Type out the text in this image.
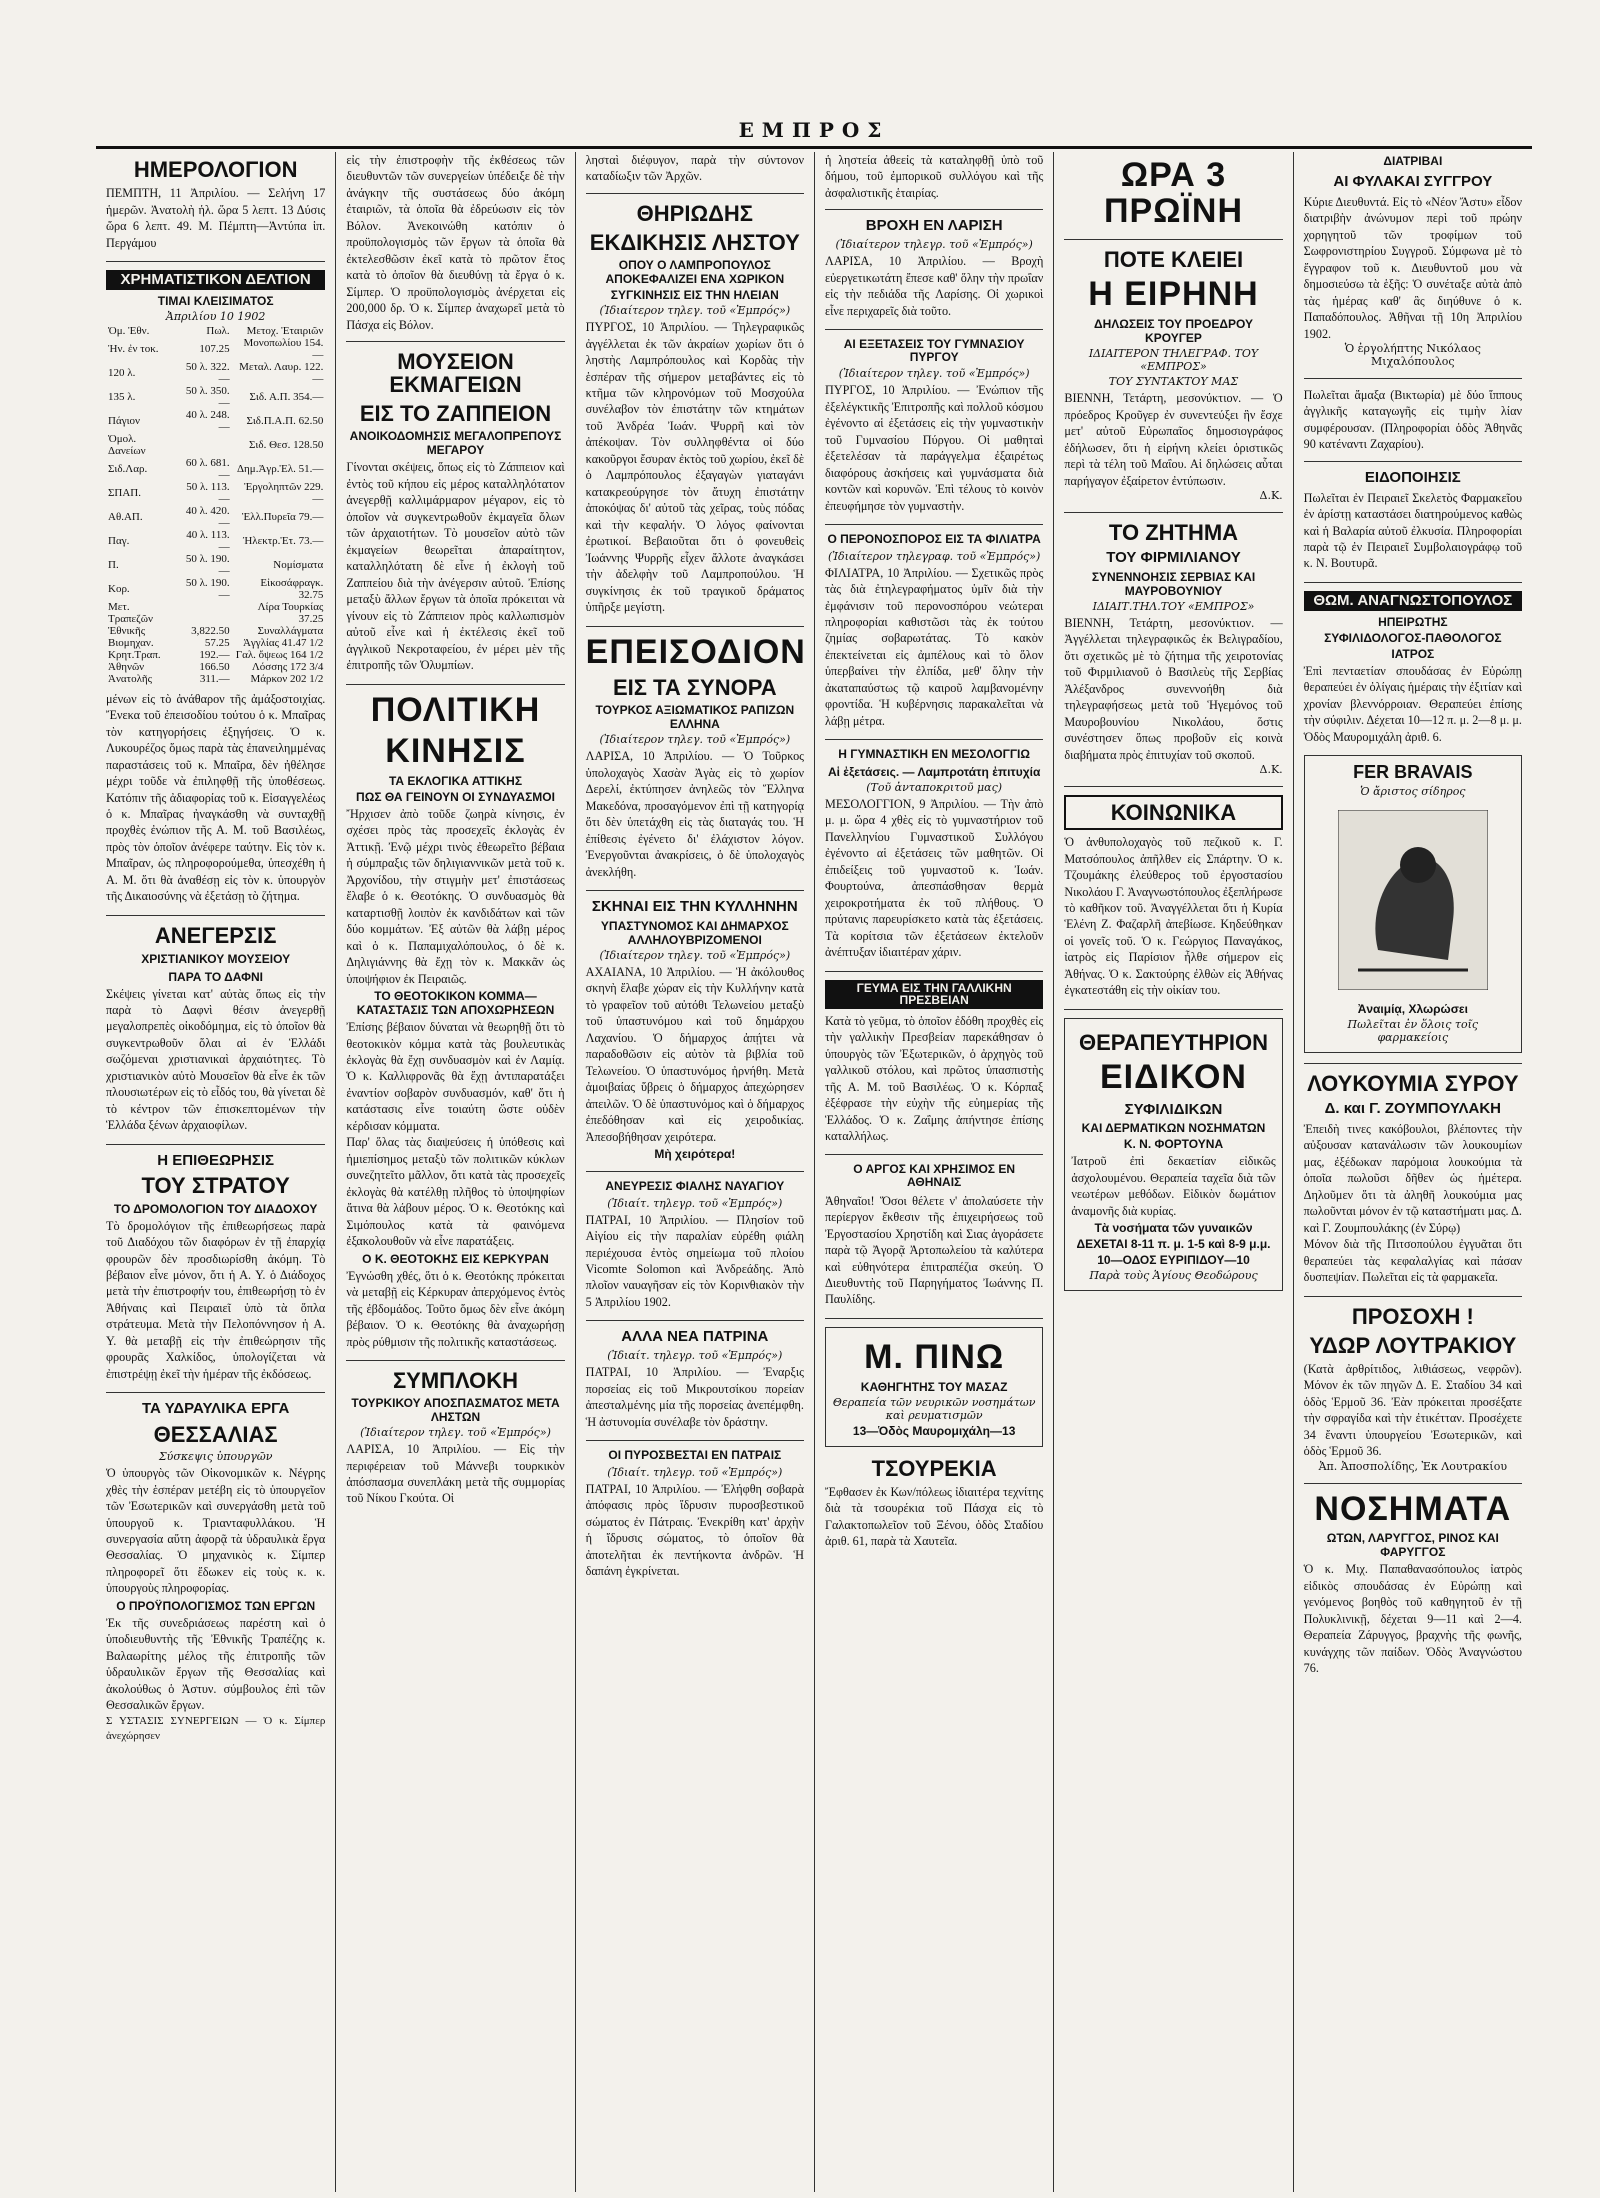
ΕΜΠΡΟΣ
ΗΜΕΡΟΛΟΓΙΟΝ

ΠΕΜΠΤΗ, 11 Ἀπριλίου. — Σελήνη 17 ἡμερῶν. Ἀνατολὴ ἡλ. ὥρα 5 λεπτ. 13 Δύσις ὥρα 6 λεπτ. 49. Μ. Πέμπτη—Ἀντύπα ἱπ. Περγάμου

ΧΡΗΜΑΤΙΣΤΙΚΟΝ ΔΕΛΤΙΟΝ
ΤΙΜΑΙ ΚΛΕΙΣΙΜΑΤΟΣ
Ἀπριλίου 10 1902
Ὀμ. Ἐθν.	Πωλ.	Μετοχ. Ἐταιριῶν
Ἠν. ἐν τοκ.	107.25	Μονοπωλίου 154.—
120 λ.	50 λ. 322.—	Μεταλ. Λαυρ. 122.—
135 λ.	50 λ. 350.—	Σιδ. Α.Π. 354.—
Πάγιον	40 λ. 248.—	Σιδ.Π.Α.Π. 62.50
Ὀμολ. Δανείων		Σιδ. Θεσ. 128.50
Σιδ.Λαρ.	60 λ. 681.—	Δημ.Ἀγρ.Ἑλ. 51.—
ΣΠΑΠ.	50 λ. 113.—	Ἐργοληπτῶν 229.—
Αθ.ΑΠ.	40 λ. 420.—	Ἑλλ.Πυρεῖα 79.—
Παγ.	40 λ. 113.—	Ἠλεκτρ.Ἐτ. 73.—
Π.	50 λ. 190.—	Νομίσματα
Κορ.	50 λ. 190.—	Εἰκοσάφραγκ. 32.75
Μετ. Τραπεζῶν		Λίρα Τουρκίας 37.25
Ἐθνικῆς	3,822.50	Συναλλάγματα
Βιομηχαν.	57.25	Ἀγγλίας 41.47 1/2
Κρητ.Τραπ.	192.—	Γαλ. ὄψεως 164 1/2
Ἀθηνῶν	166.50	Λόσσης 172 3/4
Ἀνατολῆς	311.—	Μάρκον 202 1/2

μένων εἰς τὸ ἀνάθαρον τῆς ἀμάξοστοιχίας. Ἔνεκα τοῦ ἐπεισοδίου τούτου ὁ κ. Μπαῖρας τὸν κατηγορήσεις ἐξηγήσεις. Ὁ κ. Λυκουρέζος ὅμως παρὰ τὰς ἐπανειλημμένας παραστάσεις τοῦ κ. Μπαῖρα, δὲν ἠθέλησε μέχρι τοῦδε νὰ ἐπιληφθῇ τῆς ὑποθέσεως. Κατόπιν τῆς ἀδιαφορίας τοῦ κ. Εἰσαγγελέως ὁ κ. Μπαῖρας ἠναγκάσθη νὰ συνταχθῇ προχθὲς ἐνώπιον τῆς Α. Μ. τοῦ Βασιλέως, πρὸς τὸν ὁποῖον ἀνέφερε ταύτην. Εἰς τὸν κ. Μπαῖραν, ὡς πληροφορούμεθα, ὑπεσχέθη ἡ Α. Μ. ὅτι θὰ ἀναθέσῃ εἰς τὸν κ. ὑπουργὸν τῆς Δικαιοσύνης νὰ ἐξετάσῃ τὸ ζήτημα.

ΑΝΕΓΕΡΣΙΣ
ΧΡΙΣΤΙΑΝΙΚΟΥ ΜΟΥΣΕΙΟΥ
ΠΑΡΑ ΤΟ ΔΑΦΝΙ

Σκέψεις γίνεται κατ' αὐτὰς ὅπως εἰς τὴν παρὰ τὸ Δαφνὶ θέσιν ἀνεγερθῇ μεγαλοπρεπὲς οἰκοδόμημα, εἰς τὸ ὁποῖον θὰ συγκεντρωθοῦν ὅλαι αἱ ἐν Ἑλλάδι σωζόμεναι χριστιανικαὶ ἀρχαιότητες. Τὸ χριστιανικὸν αὐτὸ Μουσεῖον θὰ εἶνε ἐκ τῶν πλουσιωτέρων εἰς τὸ εἶδός του, θὰ γίνεται δὲ τὸ κέντρον τῶν ἐπισκεπτομένων τὴν Ἑλλάδα ξένων ἀρχαιοφίλων.

Η ΕΠΙΘΕΩΡΗΣΙΣ
ΤΟΥ ΣΤΡΑΤΟΥ
ΤΟ ΔΡΟΜΟΛΟΓΙΟΝ ΤΟΥ ΔΙΑΔΟΧΟΥ

Τὸ δρομολόγιον τῆς ἐπιθεωρήσεως παρὰ τοῦ Διαδόχου τῶν διαφόρων ἐν τῇ ἐπαρχίᾳ φρουρῶν δὲν προσδιωρίσθη ἀκόμη. Τὸ βέβαιον εἶνε μόνον, ὅτι ἡ Α. Υ. ὁ Διάδοχος μετὰ τὴν ἐπιστροφήν του, ἐπιθεωρήσῃ τὸ ἐν Ἀθήναις καὶ Πειραιεῖ ὑπὸ τὰ ὅπλα στράτευμα. Μετὰ τὴν Πελοπόννησον ἡ Α. Υ. θὰ μεταβῇ εἰς τὴν ἐπιθεώρησιν τῆς φρουρᾶς Χαλκίδος, ὑπολογίζεται νὰ ἐπιστρέψῃ ἐκεῖ τὴν ἡμέραν τῆς ἐκδόσεως.

ΤΑ ΥΔΡΑΥΛΙΚΑ ΕΡΓΑ
ΘΕΣΣΑΛΙΑΣ
Σύσκεψις ὑπουργῶν

Ὁ ὑπουργὸς τῶν Οἰκονομικῶν κ. Νέγρης χθὲς τὴν ἑσπέραν μετέβη εἰς τὸ ὑπουργεῖον τῶν Ἐσωτερικῶν καὶ συνεργάσθη μετὰ τοῦ ὑπουργοῦ κ. Τριανταφυλλάκου. Ἡ συνεργασία αὕτη ἀφορᾷ τὰ ὑδραυλικὰ ἔργα Θεσσαλίας. Ὁ μηχανικὸς κ. Σίμπερ πληροφορεῖ ὅτι ἔδωκεν εἰς τοὺς κ. κ. ὑπουργοὺς πληροφορίας.

Ο ΠΡΟΫΠΟΛΟΓΙΣΜΟΣ ΤΩΝ ΕΡΓΩΝ

Ἐκ τῆς συνεδριάσεως παρέστη καὶ ὁ ὑποδιευθυντὴς τῆς Ἐθνικῆς Τραπέζης κ. Βαλαωρίτης μέλος τῆς ἐπιτροπῆς τῶν ὑδραυλικῶν ἔργων τῆς Θεσσαλίας καὶ ἀκολούθως ὁ Ἀστυν. σύμβουλος ἐπὶ τῶν Θεσσαλικῶν ἔργων.

Σ ΥΣΤΑΣΙΣ ΣΥΝΕΡΓΕΙΩΝ — Ὁ κ. Σίμπερ ἀνεχώρησεν

εἰς τὴν ἐπιστροφὴν τῆς ἐκθέσεως τῶν διευθυντῶν τῶν συνεργείων ὑπέδειξε δὲ τὴν ἀνάγκην τῆς συστάσεως δύο ἀκόμη ἐταιριῶν, τὰ ὁποῖα θὰ ἐδρεύωσιν εἰς τὸν Βόλον. Ἀνεκοινώθη κατόπιν ὁ προϋπολογισμὸς τῶν ἔργων τὰ ὁποῖα θὰ ἐκτελεσθῶσιν ἐκεῖ κατὰ τὸ πρῶτον ἔτος κατὰ τὸ ὁποῖον θὰ διευθύνῃ τὰ ἔργα ὁ κ. Σίμπερ. Ὁ προϋπολογισμὸς ἀνέρχεται εἰς 200,000 δρ. Ὁ κ. Σίμπερ ἀναχωρεῖ μετὰ τὸ Πάσχα εἰς Βόλον.

ΜΟΥΣΕΙΟΝ ΕΚΜΑΓΕΙΩΝ
ΕΙΣ ΤΟ ΖΑΠΠΕΙΟΝ
ΑΝΟΙΚΟΔΟΜΗΣΙΣ ΜΕΓΑΛΟΠΡΕΠΟΥΣ ΜΕΓΑΡΟΥ

Γίνονται σκέψεις, ὅπως εἰς τὸ Ζάππειον καὶ ἐντὸς τοῦ κήπου εἰς μέρος καταλληλότατον ἀνεγερθῇ καλλιμάρμαρον μέγαρον, εἰς τὸ ὁποῖον νὰ συγκεντρωθοῦν ἐκμαγεῖα ὅλων τῶν ἀρχαιοτήτων. Τὸ μουσεῖον αὐτὸ τῶν ἐκμαγείων θεωρεῖται ἀπαραίτητον, καταλληλότατη δὲ εἶνε ἡ ἐκλογὴ τοῦ Ζαππείου διὰ τὴν ἀνέγερσιν αὐτοῦ. Ἐπίσης μεταξὺ ἄλλων ἔργων τὰ ὁποῖα πρόκειται νὰ γίνουν εἰς τὸ Ζάππειον πρὸς καλλωπισμὸν αὐτοῦ εἶνε καὶ ἡ ἐκτέλεσις ἐκεῖ τοῦ ἀγγλικοῦ Νεκροταφείου, ἐν μέρει μὲν τῆς ἐπιτροπῆς τῶν Ὀλυμπίων.

ΠΟΛΙΤΙΚΗ
ΚΙΝΗΣΙΣ
ΤΑ ΕΚΛΟΓΙΚΑ ΑΤΤΙΚΗΣ
ΠΩΣ ΘΑ ΓΕΙΝΟΥΝ ΟΙ ΣΥΝΔΥΑΣΜΟΙ

Ἤρχισεν ἀπὸ τοῦδε ζωηρὰ κίνησις, ἐν σχέσει πρὸς τὰς προσεχεῖς ἐκλογὰς ἐν Ἀττικῇ. Ἐνῷ μέχρι τινὸς ἐθεωρεῖτο βέβαια ἡ σύμπραξις τῶν δηλιγιαννικῶν μετὰ τοῦ κ. Ἀρχονίδου, τὴν στιγμὴν μετ' ἐπιστάσεως ἔλαβε ὁ κ. Θεοτόκης. Ὁ συνδυασμὸς θὰ καταρτισθῇ λοιπὸν ἐκ κανδιδάτων καὶ τῶν δύο κομμάτων. Ἐξ αὐτῶν θὰ λάβῃ μέρος καὶ ὁ κ. Παπαμιχαλόπουλος, ὁ δὲ κ. Δηλιγιάννης θὰ ἔχῃ τὸν κ. Μακκᾶν ὡς ὑποψήφιον ἐκ Πειραιῶς.

ΤΟ ΘΕΟΤΟΚΙΚΟΝ ΚΟΜΜΑ—ΚΑΤΑΣΤΑΣΙΣ ΤΩΝ ΑΠΟΧΩΡΗΣΕΩΝ

Ἐπίσης βέβαιον δύναται νὰ θεωρηθῇ ὅτι τὸ θεοτοκικὸν κόμμα κατὰ τὰς βουλευτικὰς ἐκλογὰς θὰ ἔχῃ συνδυασμὸν καὶ ἐν Λαμίᾳ. Ὁ κ. Καλλιφρονᾶς θὰ ἔχῃ ἀντιπαρατάξει ἐναντίον σοβαρὸν συνδυασμόν, καθ' ὅτι ἡ κατάστασις εἶνε τοιαύτη ὥστε οὐδὲν κέρδισαν κόμματα.

Παρ' ὅλας τὰς διαψεύσεις ἡ ὑπόθεσις καὶ ἡμιεπίσημος μεταξὺ τῶν πολιτικῶν κύκλων συνεζητεῖτο μᾶλλον, ὅτι κατὰ τὰς προσεχεῖς ἐκλογὰς θὰ κατέλθῃ πλῆθος τὸ ὑποψηφίων ἄτινα θὰ λάβουν μέρος. Ὁ κ. Θεοτόκης καὶ Σιμόπουλος κατὰ τὰ φαινόμενα ἐξακολουθοῦν νὰ εἶνε παρατάξεις.

Ο Κ. ΘΕΟΤΟΚΗΣ ΕΙΣ ΚΕΡΚΥΡΑΝ

Ἐγνώσθη χθές, ὅτι ὁ κ. Θεοτόκης πρόκειται νὰ μεταβῇ εἰς Κέρκυραν ἀπερχόμενος ἐντὸς τῆς ἐβδομάδος. Τοῦτο ὅμως δὲν εἶνε ἀκόμη βέβαιον. Ὁ κ. Θεοτόκης θὰ ἀναχωρήσῃ πρὸς ρύθμισιν τῆς πολιτικῆς καταστάσεως.

ΣΥΜΠΛΟΚΗ
ΤΟΥΡΚΙΚΟΥ ΑΠΟΣΠΑΣΜΑΤΟΣ ΜΕΤΑ ΛΗΣΤΩΝ
(Ἰδιαίτερον τηλεγ. τοῦ «Ἐμπρός»)

ΛΑΡΙΣΑ, 10 Ἀπριλίου. — Εἰς τὴν περιφέρειαν τοῦ Μάννεβι τουρκικὸν ἀπόσπασμα συνεπλάκη μετὰ τῆς συμμορίας τοῦ Νίκου Γκούτα. Οἱ

λησταὶ διέφυγον, παρὰ τὴν σύντονον καταδίωξιν τῶν Ἀρχῶν.

ΘΗΡΙΩΔΗΣ
ΕΚΔΙΚΗΣΙΣ ΛΗΣΤΟΥ
ΟΠΟΥ Ο ΛΑΜΠΡΟΠΟΥΛΟΣ ΑΠΟΚΕΦΑΛΙΖΕΙ ΕΝΑ ΧΩΡΙΚΟΝ
ΣΥΓΚΙΝΗΣΙΣ ΕΙΣ ΤΗΝ ΗΛΕΙΑΝ
(Ἰδιαίτερον τηλεγ. τοῦ «Ἐμπρός»)

ΠΥΡΓΟΣ, 10 Ἀπριλίου. — Τηλεγραφικῶς ἀγγέλλεται ἐκ τῶν ἀκραίων χωρίων ὅτι ὁ ληστὴς Λαμπρόπουλος καὶ Κορδὰς τὴν ἑσπέραν τῆς σήμερον μεταβάντες εἰς τὸ κτῆμα τῶν κληρονόμων τοῦ Μοσχούλα συνέλαβον τὸν ἐπιστάτην τῶν κτημάτων τοῦ Ἀνδρέα Ἰωάν. Ψυρρῆ καὶ τὸν ἀπέκοψαν. Τὸν συλληφθέντα οἱ δύο κακοῦργοι ἔσυραν ἐκτὸς τοῦ χωρίου, ἐκεῖ δὲ ὁ Λαμπρόπουλος ἐξαγαγὼν γιαταγάνι κατακρεούργησε τὸν ἄτυχη ἐπιστάτην ἀποκόψας δι' αὐτοῦ τὰς χεῖρας, τοὺς πόδας καὶ τὴν κεφαλήν. Ὁ λόγος φαίνονται ἐρωτικοί. Βεβαιοῦται ὅτι ὁ φονευθεὶς Ἰωάννης Ψυρρῆς εἶχεν ἄλλοτε ἀναγκάσει τὴν ἀδελφὴν τοῦ Λαμπροπούλου. Ἡ συγκίνησις ἐκ τοῦ τραγικοῦ δράματος ὑπῆρξε μεγίστη.

ΕΠΕΙΣΟΔΙΟΝ
ΕΙΣ ΤΑ ΣΥΝΟΡΑ
ΤΟΥΡΚΟΣ ΑΞΙΩΜΑΤΙΚΟΣ ΡΑΠΙΖΩΝ ΕΛΛΗΝΑ
(Ἰδιαίτερον τηλεγ. τοῦ «Ἐμπρός»)

ΛΑΡΙΣΑ, 10 Ἀπριλίου. — Ὁ Τοῦρκος ὑπολοχαγὸς Χασὰν Ἀγὰς εἰς τὸ χωρίον Δερελί, ἐκτύπησεν ἀνηλεῶς τὸν Ἕλληνα Μακεδόνα, προσαγόμενον ἐπὶ τῇ κατηγορίᾳ ὅτι δὲν ὑπετάχθη εἰς τὰς διαταγάς του. Ἡ ἐπίθεσις ἐγένετο δι' ἐλάχιστον λόγον. Ἐνεργοῦνται ἀνακρίσεις, ὁ δὲ ὑπολοχαγὸς ἀνεκλήθη.

ΣΚΗΝΑΙ ΕΙΣ ΤΗΝ ΚΥΛΛΗΝΗΝ
ΥΠΑΣΤΥΝΟΜΟΣ ΚΑΙ ΔΗΜΑΡΧΟΣ ΑΛΛΗΛΟΥΒΡΙΖΟΜΕΝΟΙ
(Ἰδιαίτερον τηλεγ. τοῦ «Ἐμπρός»)

ΑΧΑΙΑΝΑ, 10 Ἀπριλίου. — Ἡ ἀκόλουθος σκηνὴ ἔλαβε χώραν εἰς τὴν Κυλλήνην κατὰ τὸ γραφεῖον τοῦ αὐτόθι Τελωνείου μεταξὺ τοῦ ὑπαστυνόμου καὶ τοῦ δημάρχου Λαχανίου. Ὁ δήμαρχος ἀπῄτει νὰ παραδοθῶσιν εἰς αὐτὸν τὰ βιβλία τοῦ Τελωνείου. Ὁ ὑπαστυνόμος ἠρνήθη. Μετὰ ἀμοιβαίας ὕβρεις ὁ δήμαρχος ἀπεχώρησεν ἀπειλῶν. Ὁ δὲ ὑπαστυνόμος καὶ ὁ δήμαρχος ἐπεδόθησαν καὶ εἰς χειροδικίας. Ἀπεσοβήθησαν χειρότερα.

Μὴ χειρότερα!
ΑΝΕΥΡΕΣΙΣ ΦΙΑΛΗΣ ΝΑΥΑΓΙΟΥ
(Ἰδιαίτ. τηλεγρ. τοῦ «Ἐμπρός»)

ΠΑΤΡΑΙ, 10 Ἀπριλίου. — Πλησίον τοῦ Αἰγίου εἰς τὴν παραλίαν εὑρέθη φιάλη περιέχουσα ἐντὸς σημείωμα τοῦ πλοίου Vicomte Solomon καὶ Ἀνδρεάδης. Ἀπὸ πλοῖον ναυαγῆσαν εἰς τὸν Κορινθιακὸν τὴν 5 Ἀπριλίου 1902.

ΑΛΛΑ ΝΕΑ ΠΑΤΡΙΝΑ
(Ἰδιαίτ. τηλεγρ. τοῦ «Ἐμπρός»)

ΠΑΤΡΑΙ, 10 Ἀπριλίου. — Ἐναρξις πορσείας εἰς τοῦ Μικρουτσίκου πορείαν ἀπεσταλμένης μία τῆς πορσείας ἀνεπέμφθη. Ἡ ἀστυνομία συνέλαβε τὸν δράστην.

ΟΙ ΠΥΡΟΣΒΕΣΤΑΙ ΕΝ ΠΑΤΡΑΙΣ
(Ἰδιαίτ. τηλεγρ. τοῦ «Ἐμπρός»)

ΠΑΤΡΑΙ, 10 Ἀπριλίου. — Ἐλήφθη σοβαρὰ ἀπόφασις πρὸς ἵδρυσιν πυροσβεστικοῦ σώματος ἐν Πάτραις. Ἐνεκρίθη κατ' ἀρχὴν ἡ ἵδρυσις σώματος, τὸ ὁποῖον θὰ ἀποτελῆται ἐκ πεντήκοντα ἀνδρῶν. Ἡ δαπάνη ἐγκρίνεται.

ἡ ληστεία ἀθεεἰς τὰ καταληφθῇ ὑπὸ τοῦ δήμου, τοῦ ἐμπορικοῦ συλλόγου καὶ τῆς ἀσφαλιστικῆς ἑταιρίας.

ΒΡΟΧΗ ΕΝ ΛΑΡΙΣΗ
(Ἰδιαίτερον τηλεγρ. τοῦ «Ἐμπρός»)

ΛΑΡΙΣΑ, 10 Ἀπριλίου. — Βροχὴ εὐεργετικωτάτη ἔπεσε καθ' ὅλην τὴν πρωΐαν εἰς τὴν πεδιάδα τῆς Λαρίσης. Οἱ χωρικοὶ εἶνε περιχαρεῖς διὰ τοῦτο.

ΑΙ ΕΞΕΤΑΣΕΙΣ ΤΟΥ ΓΥΜΝΑΣΙΟΥ ΠΥΡΓΟΥ
(Ἰδιαίτερον τηλεγ. τοῦ «Ἐμπρός»)

ΠΥΡΓΟΣ, 10 Ἀπριλίου. — Ἐνώπιον τῆς ἐξελέγκτικῆς Ἐπιτροπῆς καὶ πολλοῦ κόσμου ἐγένοντο αἱ ἐξετάσεις εἰς τὴν γυμναστικὴν τοῦ Γυμνασίου Πύργου. Οἱ μαθηταὶ ἐξετελέσαν τὰ παράγγελμα ἐξαιρέτως διαφόρους ἀσκήσεις καὶ γυμνάσματα διὰ κοντῶν καὶ κορυνῶν. Ἐπὶ τέλους τὸ κοινὸν ἐπευφήμησε τὸν γυμναστὴν.

Ο ΠΕΡΟΝΟΣΠΟΡΟΣ ΕΙΣ ΤΑ ΦΙΛΙΑΤΡΑ
(Ἰδιαίτερον τηλεγραφ. τοῦ «Ἐμπρός»)

ΦΙΛΙΑΤΡΑ, 10 Ἀπριλίου. — Σχετικῶς πρὸς τὰς διὰ ἐτηλεγραφήματος ὑμῖν διὰ τὴν ἐμφάνισιν τοῦ περονοσπόρου νεώτεραι πληροφορίαι καθιστῶσι τὰς ἐκ τούτου ζημίας σοβαρωτάτας. Τὸ κακὸν ἐπεκτείνεται εἰς ἀμπέλους καὶ τὸ ὅλον ὑπερβαίνει τὴν ἐλπίδα, μεθ' ὅλην τὴν ἀκαταπαύστως τῷ καιροῦ λαμβανομένην φροντίδα. Ἡ κυβέρνησις παρακαλεῖται νὰ λάβῃ μέτρα.

Η ΓΥΜΝΑΣΤΙΚΗ ΕΝ ΜΕΣΟΛΟΓΓΙΩ
Αἱ ἐξετάσεις. — Λαμπροτάτη ἐπιτυχία
(Τοῦ ἀνταποκριτοῦ μας)

ΜΕΣΟΛΟΓΓΙΟΝ, 9 Ἀπριλίου. — Τὴν ἀπὸ μ. μ. ὥρα 4 χθὲς εἰς τὸ γυμναστήριον τοῦ Πανελληνίου Γυμναστικοῦ Συλλόγου ἐγένοντο αἱ ἐξετάσεις τῶν μαθητῶν. Οἱ ἐπιδείξεις τοῦ γυμναστοῦ κ. Ἰωάν. Φουρτούνα, ἀπεσπάσθησαν θερμὰ χειροκροτήματα ἐκ τοῦ πλήθους. Ὁ πρύτανις παρευρίσκετο κατὰ τὰς ἐξετάσεις. Τὰ κορίτσια τῶν ἐξετάσεων ἐκτελοῦν ἀνέπτυξαν ἰδιαιτέραν χάριν.

ΓΕΥΜΑ ΕΙΣ ΤΗΝ ΓΑΛΛΙΚΗΝ ΠΡΕΣΒΕΙΑΝ

Κατὰ τὸ γεῦμα, τὸ ὁποῖον ἐδόθη προχθὲς εἰς τὴν γαλλικὴν Πρεσβείαν παρεκάθησαν ὁ ὑπουργὸς τῶν Ἐξωτερικῶν, ὁ ἀρχηγὸς τοῦ γαλλικοῦ στόλου, καὶ πρῶτος ὑπασπιστὴς τῆς Α. Μ. τοῦ Βασιλέως. Ὁ κ. Κόρπαξ ἐξέφρασε τὴν εὐχὴν τῆς εὐημερίας τῆς Ἑλλάδος. Ὁ κ. Ζαΐμης ἀπήντησε ἐπίσης καταλλήλως.

Ο ΑΡΓΟΣ ΚΑΙ ΧΡΗΣΙΜΟΣ ΕΝ ΑΘΗΝΑΙΣ

Ἀθηναῖοι! Ὅσοι θέλετε ν' ἀπολαύσετε τὴν περίεργον ἔκθεσιν τῆς ἐπιχειρήσεως τοῦ Ἐργοστασίου Χρηστίδη καὶ Σιας ἀγοράσετε παρὰ τῷ Ἀγορᾷ Ἀρτοπωλείου τὰ καλύτερα καὶ εὐθηνότερα ἐπιτραπέζια σκεύη. Ὁ Διευθυντὴς τοῦ Παρηγήματος Ἰωάννης Π. Παυλίδης.

Μ. ΠΙΝΩ
ΚΑΘΗΓΗΤΗΣ ΤΟΥ ΜΑΣΑΖ
Θεραπεία τῶν νευρικῶν νοσημάτων καὶ ρευματισμῶν
13—Ὁδὸς Μαυρομιχάλη—13
ΤΣΟΥΡΕΚΙΑ

Ἔφθασεν ἐκ Κων/πόλεως ἰδιαιτέρα τεχνίτης διὰ τὰ τσουρέκια τοῦ Πάσχα εἰς τὸ Γαλακτοπωλεῖον τοῦ Ξένου, ὁδὸς Σταδίου ἀριθ. 61, παρὰ τὰ Χαυτεῖα.

ΩΡΑ 3 ΠΡΩΪΝΗ
ΠΟΤΕ ΚΛΕΙΕΙ
Η ΕΙΡΗΝΗ
ΔΗΛΩΣΕΙΣ ΤΟΥ ΠΡΟΕΔΡΟΥ ΚΡΟΥΓΕΡ
ΙΔΙΑΙΤΕΡΟΝ ΤΗΛΕΓΡΑΦ. ΤΟΥ «ΕΜΠΡΟΣ»
ΤΟΥ ΣΥΝΤΑΚΤΟΥ ΜΑΣ

ΒΙΕΝΝΗ, Τετάρτη, μεσονύκτιον. — Ὁ πρόεδρος Κροῦγερ ἐν συνεντεύξει ἣν ἔσχε μετ' αὐτοῦ Εὐρωπαῖος δημοσιογράφος ἐδήλωσεν, ὅτι ἡ εἰρήνη κλείει ὁριστικῶς περὶ τὰ τέλη τοῦ Μαΐου. Αἱ δηλώσεις αὗται παρήγαγον ἐξαίρετον ἐντύπωσιν.

Δ.Κ.
ΤΟ ΖΗΤΗΜΑ
ΤΟΥ ΦΙΡΜΙΛΙΑΝΟΥ
ΣΥΝΕΝΝΟΗΣΙΣ ΣΕΡΒΙΑΣ ΚΑΙ ΜΑΥΡΟΒΟΥΝΙΟΥ
ΙΔΙΑΙΤ.ΤΗΛ.ΤΟΥ «ΕΜΠΡΟΣ»

ΒΙΕΝΝΗ, Τετάρτη, μεσονύκτιον. — Ἀγγέλλεται τηλεγραφικῶς ἐκ Βελιγραδίου, ὅτι σχετικῶς μὲ τὸ ζήτημα τῆς χειροτονίας τοῦ Φιρμιλιανοῦ ὁ Βασιλεὺς τῆς Σερβίας Ἀλέξανδρος συνεννοήθη διὰ τηλεγραφήσεως μετὰ τοῦ Ἡγεμόνος τοῦ Μαυροβουνίου Νικολάου, ὅστις συνέστησεν ὅπως προβοῦν εἰς κοινὰ διαβήματα πρὸς ἐπιτυχίαν τοῦ σκοποῦ.

Δ.Κ.
ΚΟΙΝΩΝΙΚΑ

Ὁ ἀνθυπολοχαγὸς τοῦ πεζικοῦ κ. Γ. Ματσόπουλος ἀπῆλθεν εἰς Σπάρτην. Ὁ κ. Τζουμάκης ἐλεύθερος τοῦ ἐργοστασίου Νικολάου Γ. Ἀναγνωστόπουλος ἐξεπλήρωσε τὸ καθῆκον τοῦ. Ἀναγγέλλεται ὅτι ἡ Κυρία Ἑλένη Ζ. Φαζαρλῆ ἀπεβίωσε. Κηδεύθηκαν οἱ γονεῖς τοῦ. Ὁ κ. Γεώργιος Παναγάκος, ἰατρὸς εἰς Παρίσιον ἦλθε σήμερον εἰς Ἀθήνας. Ὁ κ. Σακτούρης ἐλθὼν εἰς Ἀθήνας ἐγκατεστάθη εἰς τὴν οἰκίαν του.

ΘΕΡΑΠΕΥΤΗΡΙΟΝ
ΕΙΔΙΚΟΝ
ΣΥΦΙΛΙΔΙΚΩΝ
ΚΑΙ ΔΕΡΜΑΤΙΚΩΝ ΝΟΣΗΜΑΤΩΝ
Κ. Ν. ΦΟΡΤΟΥΝΑ

Ἰατροῦ ἐπὶ δεκαετίαν εἰδικῶς ἀσχολουμένου. Θεραπεία ταχεῖα διὰ τῶν νεωτέρων μεθόδων. Εἰδικὸν δωμάτιον ἀναμονῆς διὰ κυρίας.

Τὰ νοσήματα τῶν γυναικῶν
ΔΕΧΕΤΑΙ 8-11 π. μ. 1-5 καὶ 8-9 μ.μ.
10—ΟΔΟΣ ΕΥΡΙΠΙΔΟΥ—10
Παρὰ τοὺς Ἁγίους Θεοδώρους
ΔΙΑΤΡΙΒΑΙ
ΑΙ ΦΥΛΑΚΑΙ ΣΥΓΓΡΟΥ

Κύριε Διευθυντά. Εἰς τὸ «Νέον Ἄστυ» εἶδον διατριβὴν ἀνώνυμον περὶ τοῦ πρώην χορηγητοῦ τῶν τροφίμων τοῦ Σωφρονιστηρίου Συγγροῦ. Σύμφωνα μὲ τὸ ἔγγραφον τοῦ κ. Διευθυντοῦ μου νὰ δημοσιεύσω τὰ ἑξῆς: Ὁ συνέταξε αὐτὰ ἀπὸ τὰς ἡμέρας καθ' ἃς διηύθυνε ὁ κ. Παπαδόπουλος. Ἀθῆναι τῇ 10η Ἀπριλίου 1902.

Ὁ ἐργολήπτης Νικόλαος Μιχαλόπουλος

Πωλεῖται ἄμαξα (Βικτωρία) μὲ δύο ἵππους ἀγγλικῆς καταγωγῆς εἰς τιμὴν λίαν συμφέρουσαν. (Πληροφορίαι ὁδὸς Ἀθηνᾶς 90 κατέναντι Ζαχαρίου).

ΕΙΔΟΠΟΙΗΣΙΣ

Πωλεῖται ἐν Πειραιεῖ Σκελετὸς Φαρμακεῖου ἐν ἀρίστῃ καταστάσει διατηρούμενος καθὼς καὶ ἡ Βαλαρία αὐτοῦ ἐλκυσία. Πληροφορίαι παρὰ τῷ ἐν Πειραιεῖ Συμβολαιογράφῳ τοῦ κ. Ν. Βουτυρᾶ.

ΘΩΜ. ΑΝΑΓΝΩΣΤΟΠΟΥΛΟΣ
ΗΠΕΙΡΩΤΗΣ
ΣΥΦΙΛΙΔΟΛΟΓΟΣ-ΠΑΘΟΛΟΓΟΣ
ΙΑΤΡΟΣ

Ἐπὶ πενταετίαν σπουδάσας ἐν Εὐρώπῃ θεραπεύει ἐν ὀλίγαις ἡμέραις τὴν ἐξιτίαν καὶ χρονίαν βλεννόρροιαν. Θεραπεύει ἐπίσης τὴν σύφιλιν. Δέχεται 10—12 π. μ. 2—8 μ. μ. Ὁδὸς Μαυρομιχάλη ἀριθ. 6.

FER BRAVAIS
Ὁ ἄριστος σίδηρος
Ἀναιμίᾳ, Χλωρώσει
Πωλεῖται ἐν ὅλοις τοῖς φαρμακείοις
ΛΟΥΚΟΥΜΙΑ ΣΥΡΟΥ
Δ. και Γ. ΖΟΥΜΠΟΥΛΑΚΗ

Ἐπειδὴ τινες κακόβουλοι, βλέποντες τὴν αὐξουσαν κατανάλωσιν τῶν λουκουμίων μας, ἐξέδωκαν παρόμοια λουκούμια τὰ ὁποῖα πωλοῦσι δῆθεν ὡς ἡμέτερα. Δηλοῦμεν ὅτι τὰ ἀληθῆ λουκούμια μας πωλοῦνται μόνον ἐν τῷ καταστήματι μας. Δ. καὶ Γ. Ζουμπουλάκης (ἐν Σύρῳ)

Μόνον διὰ τῆς Πιτσοπούλου ἐγγυᾶται ὅτι θεραπεύει τὰς κεφαλαλγίας καὶ πάσαν δυσπεψίαν. Πωλεῖται εἰς τὰ φαρμακεῖα.

ΠΡΟΣΟΧΗ !
ΥΔΩΡ ΛΟΥΤΡΑΚΙΟΥ

(Κατὰ ἀρθρίτιδος, λιθιάσεως, νεφρῶν). Μόνον ἐκ τῶν πηγῶν Δ. Ε. Σταδίου 34 καὶ ὁδὸς Ἑρμοῦ 36. Ἐὰν πρόκειται προσέξατε τὴν σφραγίδα καὶ τὴν ἐτικέτταν. Προσέχετε 34 ἔναντι ὑπουργείου Ἐσωτερικῶν, καὶ ὁδὸς Ἑρμοῦ 36.

Ἀπ. Ἀποσπολίδης, Ἐκ Λουτρακίου
ΝΟΣΗΜΑΤΑ
ΩΤΩΝ, ΛΑΡΥΓΓΟΣ, ΡΙΝΟΣ ΚΑΙ ΦΑΡΥΓΓΟΣ

Ὁ κ. Μιχ. Παπαθανασόπουλος ἰατρὸς εἰδικὸς σπουδάσας ἐν Εὐρώπῃ καὶ γενόμενος βοηθὸς τοῦ καθηγητοῦ ἐν τῇ Πολυκλινικῇ, δέχεται 9—11 καὶ 2—4. Θεραπεία Ζάρυγγος, βραχνὴς τῆς φωνῆς, κυνάγχης τῶν παίδων. Ὁδὸς Ἀναγνώστου 76.
